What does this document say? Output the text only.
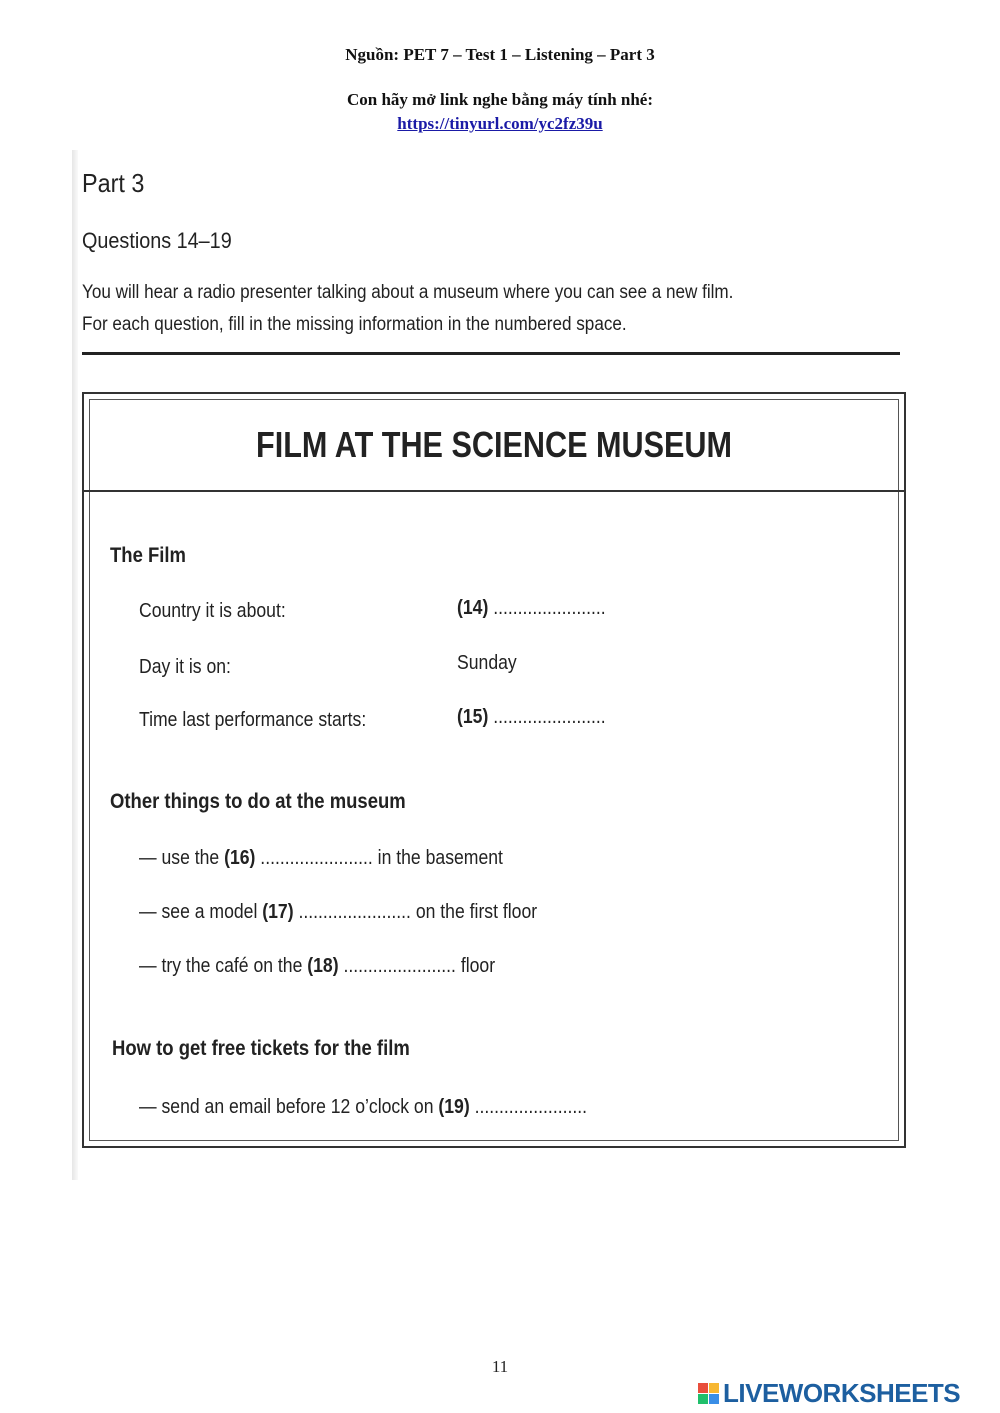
Nguồn: PET 7 – Test 1 – Listening – Part 3
Con hãy mở link nghe bằng máy tính nhé:
https://tinyurl.com/yc2fz39u
Part 3
Questions 14–19
You will hear a radio presenter talking about a museum where you can see a new film.
For each question, fill in the missing information in the numbered space.
FILM AT THE SCIENCE MUSEUM
The Film
Country it is about:	(14) .......................
Day it is on:	Sunday
Time last performance starts:	(15) .......................
Other things to do at the museum
— use the (16) ....................... in the basement
— see a model (17) ....................... on the first floor
— try the café on the (18) ....................... floor
How to get free tickets for the film
— send an email before 12 o’clock on (19) .......................
11
LIVEWORKSHEETS
